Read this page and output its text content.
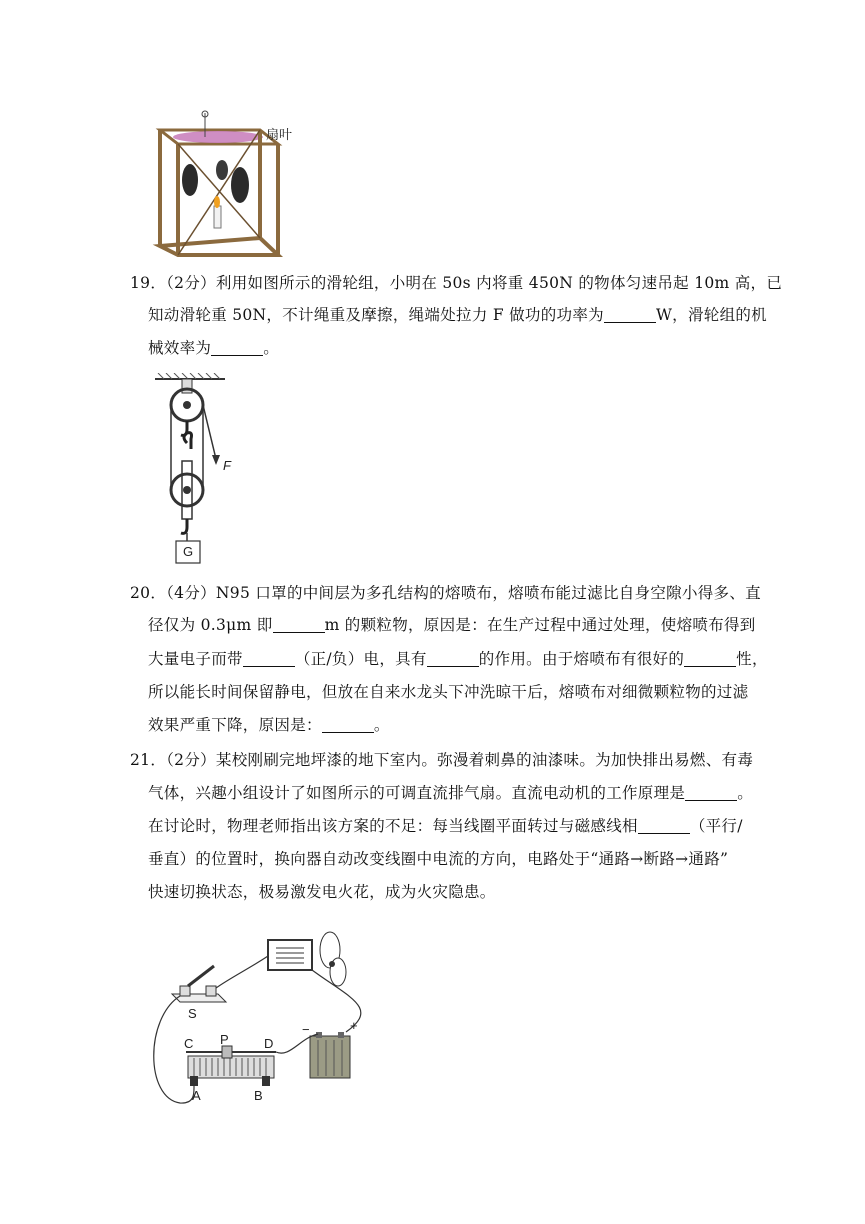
扇叶
F
G
S
C P	D
A	B
−	+
19．（2分）利用如图所示的滑轮组，小明在 50s 内将重 450N 的物体匀速吊起 10m 高，已
知动滑轮重 50N，不计绳重及摩擦，绳端处拉力 F 做功的功率为	W，滑轮组的机
械效率为	。
20．（4分）N95 口罩的中间层为多孔结构的熔喷布，熔喷布能过滤比自身空隙小得多、直
径仅为 0.3μm 即	m 的颗粒物，原因是：在生产过程中通过处理，使熔喷布得到
大量电子而带	（正/负）电，具有	的作用。由于熔喷布有很好的	性，
所以能长时间保留静电，但放在自来水龙头下冲洗晾干后，熔喷布对细微颗粒物的过滤
效果严重下降，原因是：	。
21．（2分）某校刚刷完地坪漆的地下室内。弥漫着刺鼻的油漆味。为加快排出易燃、有毒
气体，兴趣小组设计了如图所示的可调直流排气扇。直流电动机的工作原理是	。
在讨论时，物理老师指出该方案的不足：每当线圈平面转过与磁感线相	（平行/
垂直）的位置时，换向器自动改变线圈中电流的方向，电路处于“通路→断路→通路”
快速切换状态，极易激发电火花，成为火灾隐患。
